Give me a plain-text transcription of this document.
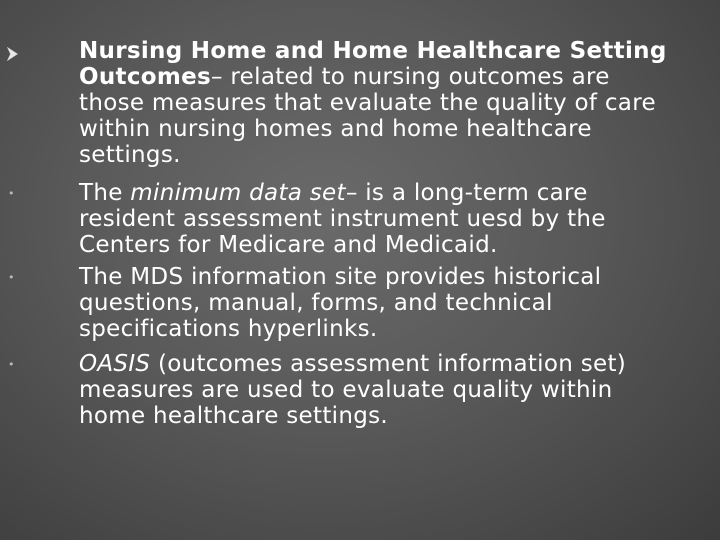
Nursing Home and Home Healthcare Setting Outcomes– related to nursing outcomes are those measures that evaluate the quality of care within nursing homes and home healthcare settings.

•	The minimum data set– is a long-term care resident assessment instrument uesd by the Centers for Medicare and Medicaid.

•	The MDS information site provides historical questions, manual, forms, and technical specifications hyperlinks.

•	OASIS (outcomes assessment information set) measures are used to evaluate quality within home healthcare settings.
